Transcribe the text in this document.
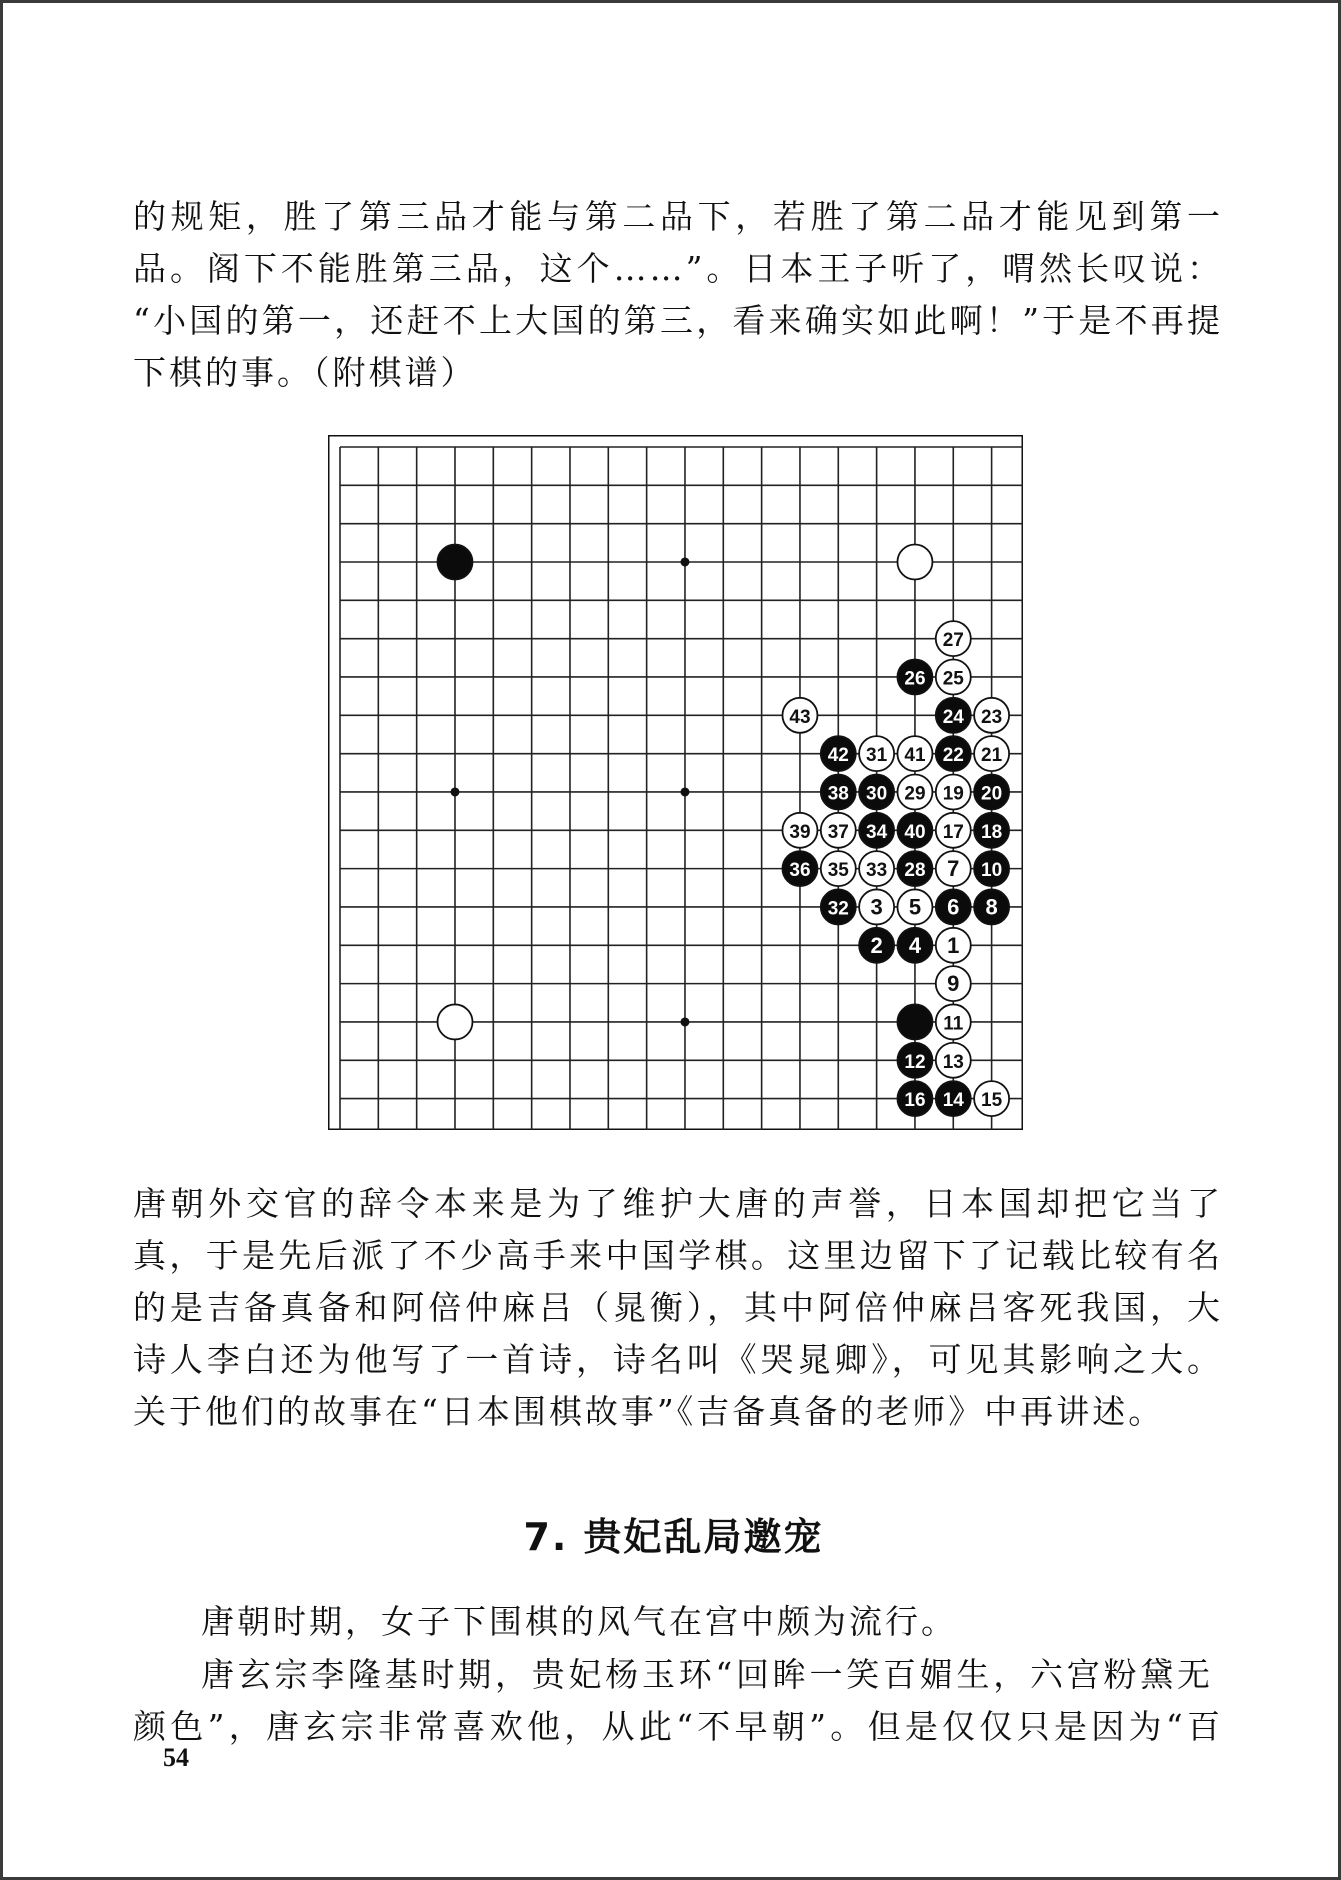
的规矩，胜了第三品才能与第二品下，若胜了第二品才能见到第一
品。阁下不能胜第三品，这个……”。日本王子听了，喟然长叹说：
“小国的第一，还赶不上大国的第三，看来确实如此啊！”于是不再提
下棋的事。（附棋谱）
1
2
3
4
5 6
7
8
9
10
11
12 13
14 15
16
17 18
19 20
21
22
23
24
25
26
27
28
29
30
31
32
33
34
35
36
37
38
39	40
41
42
43
唐朝外交官的辞令本来是为了维护大唐的声誉，日本国却把它当了
真，于是先后派了不少高手来中国学棋。这里边留下了记载比较有名
的是吉备真备和阿倍仲麻吕（晁衡），其中阿倍仲麻吕客死我国，大
诗人李白还为他写了一首诗，诗名叫《哭晁卿》，可见其影响之大。
关于他们的故事在“日本围棋故事”《吉备真备的老师》中再讲述。
7. 贵妃乱局邀宠
唐朝时期，女子下围棋的风气在宫中颇为流行。
唐玄宗李隆基时期，贵妃杨玉环“回眸一笑百媚生，六宫粉黛无
颜色”，唐玄宗非常喜欢他，从此“不早朝”。但是仅仅只是因为“百
54
